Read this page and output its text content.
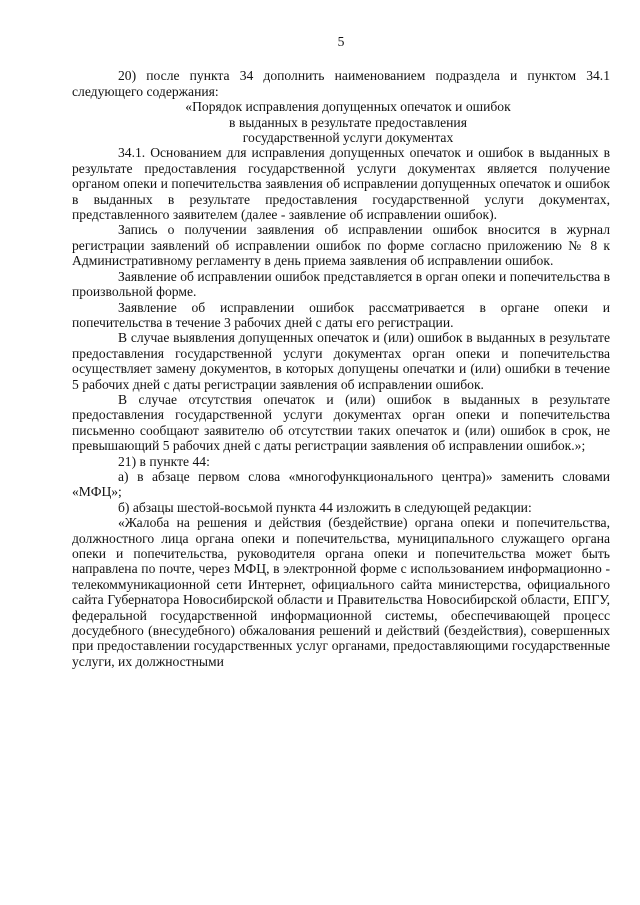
5

20) после пункта 34 дополнить наименованием подраздела и пунктом 34.1 следующего содержания:

«Порядок исправления допущенных опечаток и ошибок

в выданных в результате предоставления

государственной услуги документах

34.1. Основанием для исправления допущенных опечаток и ошибок в выданных в результате предоставления государственной услуги документах является получение органом опеки и попечительства заявления об исправлении допущенных опечаток и ошибок в выданных в результате предоставления государственной услуги документах, представленного заявителем (далее - заявление об исправлении ошибок).

Запись о получении заявления об исправлении ошибок вносится в журнал регистрации заявлений об исправлении ошибок по форме согласно приложению № 8 к Административному регламенту в день приема заявления об исправлении ошибок.

Заявление об исправлении ошибок представляется в орган опеки и попечительства в произвольной форме.

Заявление об исправлении ошибок рассматривается в органе опеки и попечительства в течение 3 рабочих дней с даты его регистрации.

В случае выявления допущенных опечаток и (или) ошибок в выданных в результате предоставления государственной услуги документах орган опеки и попечительства осуществляет замену документов, в которых допущены опечатки и (или) ошибки в течение 5 рабочих дней с даты регистрации заявления об исправлении ошибок.

В случае отсутствия опечаток и (или) ошибок в выданных в результате предоставления государственной услуги документах орган опеки и попечительства письменно сообщают заявителю об отсутствии таких опечаток и (или) ошибок в срок, не превышающий 5 рабочих дней с даты регистрации заявления об исправлении ошибок.»;

21) в пункте 44:

а) в абзаце первом слова «многофункционального центра)» заменить словами «МФЦ»;

б) абзацы шестой-восьмой пункта 44 изложить в следующей редакции:

«Жалоба на решения и действия (бездействие) органа опеки и попечительства, должностного лица органа опеки и попечительства, муниципального служащего органа опеки и попечительства, руководителя органа опеки и попечительства может быть направлена по почте, через МФЦ, в электронной форме с использованием информационно - телекоммуникационной сети Интернет, официального сайта министерства, официального сайта Губернатора Новосибирской области и Правительства Новосибирской области, ЕПГУ, федеральной государственной информационной системы, обеспечивающей процесс досудебного (внесудебного) обжалования решений и действий (бездействия), совершенных при предоставлении государственных услуг органами, предоставляющими государственные услуги, их должностными
